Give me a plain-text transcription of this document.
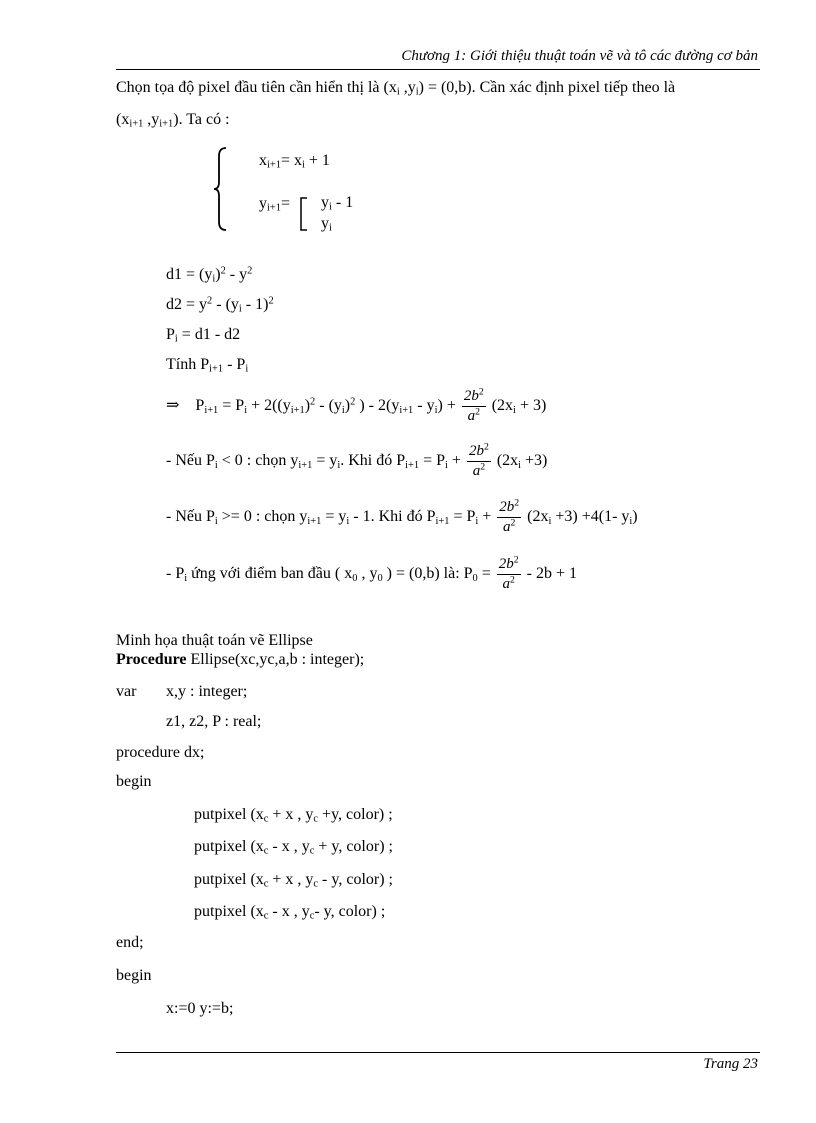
Chương 1: Giới thiệu thuật toán vẽ và tô các đường cơ bản
Chọn tọa độ pixel đầu tiên cần hiển thị là ($x_i$ $,y_i) = (0,b)$. Cần xác định pixel tiếp theo là
($x_{i+1}$ $,y_{i+1}$). Ta có :
$x_{i+1}= x_i + 1$
$y_{i+1}= y_i - 1$
$y_i$
$d1 = (y_i)^2 - y^2$
$d2 = y^2 - (y_i - 1)^2$
$P_i = d1 - d2$
Tính $P_{i+1} - P_i$
⇒ $P_{i+1} = P_i + 2((y_{i+1})^2 - (y_i)^2$ ) - $2(y_{i+1} - y_i) + \frac{2b^2}{a^2} (2x_i + 3)$
- Nếu $P_i < 0$ : chọn $y_{i+1} = y_i$. Khi đó $P_{i+1} = P_i + \frac{2b^2}{a^2} (2x_i +3)$
- Nếu $P_i >= 0$ : chọn $y_{i+1} = y_i - 1$. Khi đó $P_{i+1} = P_i + \frac{2b^2}{a^2} (2x_i +3) +4(1-$ $y_i$)
- $P_i$ ứng với điểm ban đầu ( $x_0$ , $y_0$ ) = (0,b) là: $P_0 = \frac{2b^2}{a^2} - 2b + 1$
Minh họa thuật toán vẽ Ellipse
Procedure Ellipse(xc,yc,a,b : integer);
var x,y : integer;
z1, z2, P : real;
procedure dx;
begin
putpixel ($x_c + x$ , $y_c +y$, color) ;
putpixel ($x_c$ - x , $y_c + y$, color) ;
putpixel ($x_c + x$ , $y_c$ - y, color) ;
putpixel ($x_c$ - x , $y_c-$ y, color) ;
end;
begin
x:=0 y:=b;
Trang 23
